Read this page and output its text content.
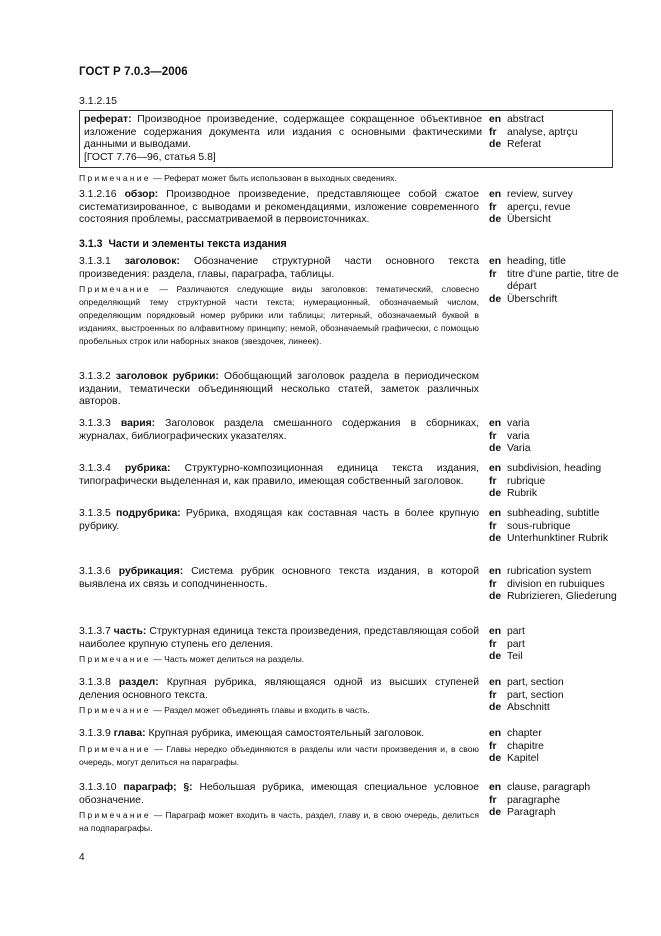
ГОСТ Р 7.0.3—2006
3.1.2.15
реферат: Производное произведение, содержащее сокращенное объективное изложение содержания документа или издания с основными фактическими данными и выводами.
[ГОСТ 7.76—96, статья 5.8]
en abstract
fr	analyse, aptrçu
de Referat
Примечание — Реферат может быть использован в выходных сведениях.
3.1.2.16 обзор: Производное произведение, представляющее собой сжатое систематизированное, с выводами и рекомендациями, изложение современного состояния проблемы, рассматриваемой в первоисточниках.
en review, survey
fr	aperçu, revue
de Übersicht
3.1.3 Части и элементы текста издания
3.1.3.1 заголовок: Обозначение структурной части основного текста произведения: раздела, главы, параграфа, таблицы.
Примечание — Различаются следующие виды заголовков: тематический, словесно определяющий тему структурной части текста; нумерационный, обозначаемый числом, определяющим порядковый номер рубрики или таблицы; литерный, обозначаемый буквой в изданиях, выстроенных по алфавитному принципу; немой, обозначаемый графически, с помощью пробельных строк или наборных знаков (звездочек, линеек).
en heading, title
fr	titre d'une partie, titre de départ
de Überschrift
3.1.3.2 заголовок рубрики: Обобщающий заголовок раздела в периодическом издании, тематически объединяющий несколько статей, заметок различных авторов.
3.1.3.3 вария: Заголовок раздела смешанного содержания в сборниках, журналах, библиографических указателях.
en varia
fr	varia
de Varia
3.1.3.4 рубрика: Структурно-композиционная единица текста издания, типографически выделенная и, как правило, имеющая собственный заголовок.
en subdivision, heading
fr	rubrique
de Rubrik
3.1.3.5 подрубрика: Рубрика, входящая как составная часть в более крупную рубрику.
en subheading, subtitle
fr	sous-rubrique
de Unterhunktiner Rubrik
3.1.3.6 рубрикация: Система рубрик основного текста издания, в которой выявлена их связь и соподчиненность.
en rubrication system
fr	division en rubuiques
de Rubrizieren, Gliederung
3.1.3.7 часть: Структурная единица текста произведения, представляющая собой наиболее крупную ступень его деления.
Примечание — Часть может делиться на разделы.
en part
fr	part
de Teil
3.1.3.8 раздел: Крупная рубрика, являющаяся одной из высших ступеней деления основного текста.
Примечание — Раздел может объединять главы и входить в часть.
en part, section
fr	part, section
de Abschnitt
3.1.3.9 глава: Крупная рубрика, имеющая самостоятельный заголовок.
Примечание — Главы нередко объединяются в разделы или части произведения и, в свою очередь, могут делиться на параграфы.
en chapter
fr	chapitre
de Kapitel
3.1.3.10 параграф; §: Небольшая рубрика, имеющая специальное условное обозначение.
Примечание — Параграф может входить в часть, раздел, главу и, в свою очередь, делиться на подпараграфы.
en clause, paragraph
fr	paragraphe
de Paragraph
4
